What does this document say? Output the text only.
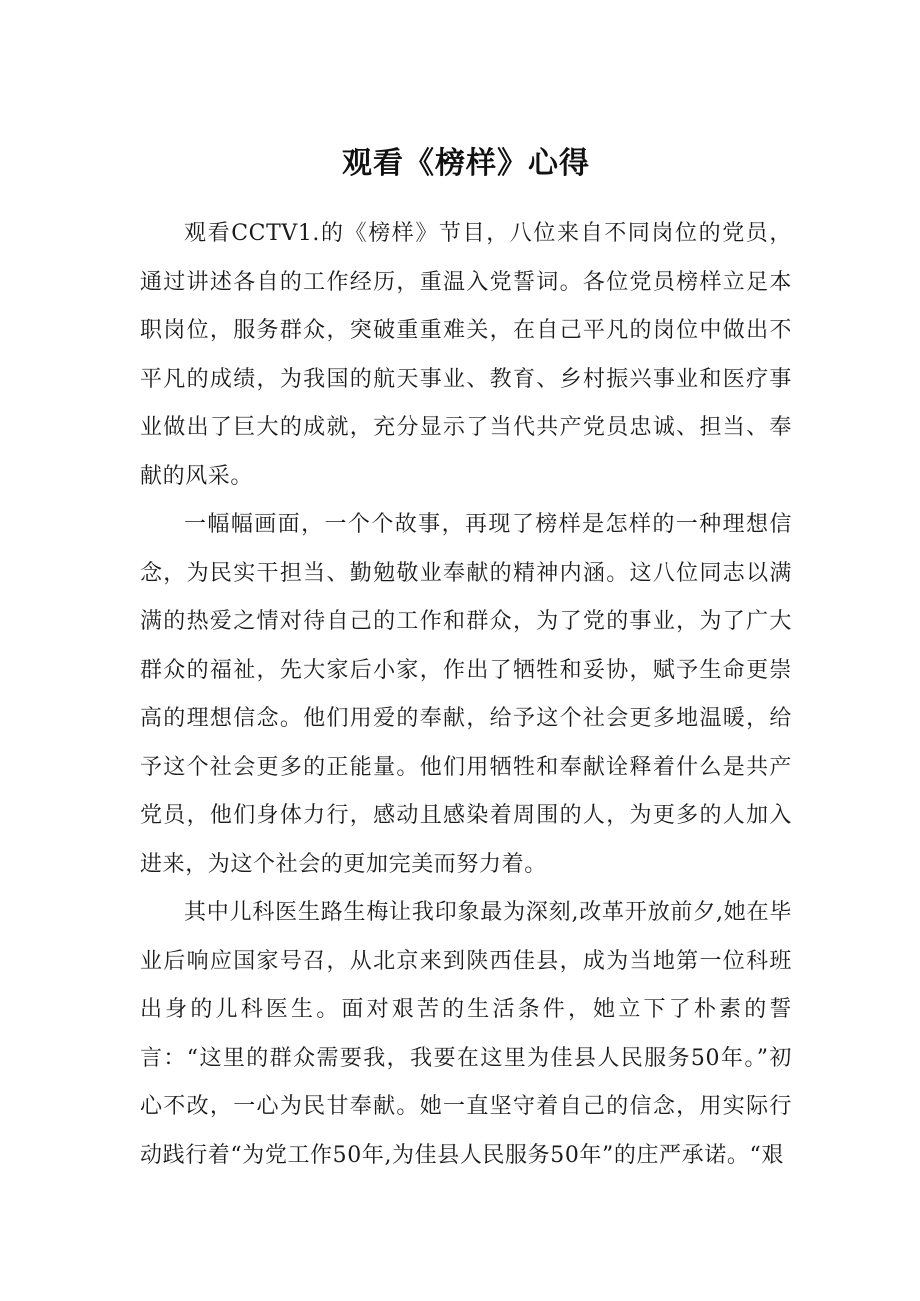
观看《榜样》心得

观看CCTV1.的《榜样》节目，八位来自不同岗位的党员，通过讲述各自的工作经历，重温入党誓词。各位党员榜样立足本职岗位，服务群众，突破重重难关，在自己平凡的岗位中做出不平凡的成绩，为我国的航天事业、教育、乡村振兴事业和医疗事业做出了巨大的成就，充分显示了当代共产党员忠诚、担当、奉献的风采。

一幅幅画面，一个个故事，再现了榜样是怎样的一种理想信念，为民实干担当、勤勉敬业奉献的精神内涵。这八位同志以满满的热爱之情对待自己的工作和群众，为了党的事业，为了广大群众的福祉，先大家后小家，作出了牺牲和妥协，赋予生命更崇高的理想信念。他们用爱的奉献，给予这个社会更多地温暖，给予这个社会更多的正能量。他们用牺牲和奉献诠释着什么是共产党员，他们身体力行，感动且感染着周围的人，为更多的人加入进来，为这个社会的更加完美而努力着。

其中儿科医生路生梅让我印象最为深刻,改革开放前夕,她在毕业后响应国家号召，从北京来到陕西佳县，成为当地第一位科班出身的儿科医生。面对艰苦的生活条件，她立下了朴素的誓言：“这里的群众需要我，我要在这里为佳县人民服务50年。”初心不改，一心为民甘奉献。她一直坚守着自己的信念，用实际行动践行着“为党工作50年,为佳县人民服务50年”的庄严承诺。“艰
